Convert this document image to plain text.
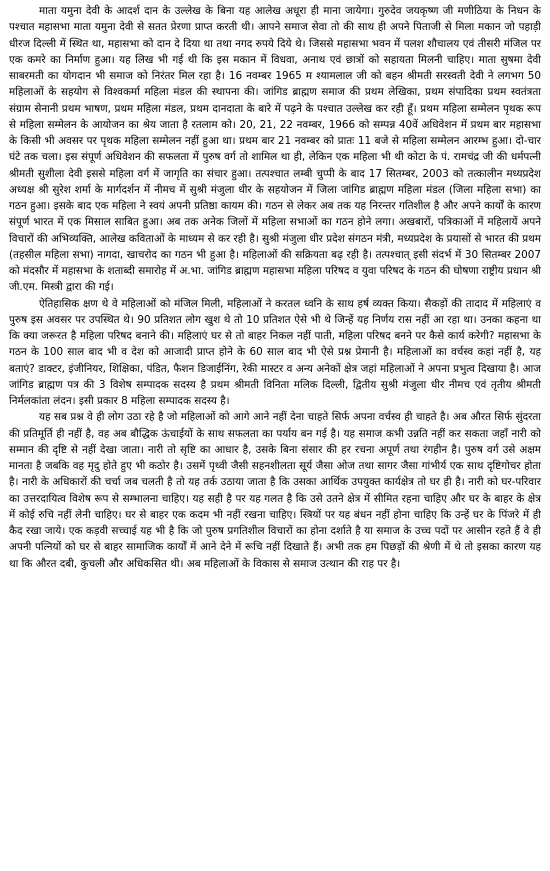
माता यमुना देवी के आदर्श दान के उल्लेख के बिना यह आलेख अधूरा ही माना जायेगा। गुरुदेव जयकृष्ण जी मणीठिया के निधन के पश्चात महासभा माता यमुना देवी से सतत प्रेरणा प्राप्त करती थी। आपने समाज सेवा तो की साथ ही अपने पिताजी से मिला मकान जो पहाड़ी धीरज दिल्ली में स्थित था, महासभा को दान दे दिया था तथा नगद रुपये दिये थे। जिससे महासभा भवन में पलश शौचालय एवं तीसरी मंजिल पर एक कमरे का निर्माण हुआ। यह लिख भी गई थी कि इस मकान में विधवा, अनाथ एवं छात्रों को सहायता मिलनी चाहिए। माता सुषमा देवी साबरमती का योगदान भी समाज को निरंतर मिल रहा है। 16 नवम्बर 1965 म श्यामलाल जी को बहन श्रीमती सरस्वती देवी ने लगभग 50 महिलाओं के सहयोग से विश्वकर्मा महिला मंडल की स्थापना की। जांगिड ब्राह्मण समाज की प्रथम लेखिका, प्रथम संपादिका प्रथम स्वतंत्रता संग्राम सेनानी प्रथम भाषण, प्रथम महिला मंडल, प्रथम दानदाता के बारे में पढ़ने के पश्चात उल्लेख कर रही हूँ। प्रथम महिला सम्मेलन पृथक रूप से महिला सम्मेलन के आयोजन का श्रेय जाता है रतलाम को। 20, 21, 22 नवम्बर, 1966 को सम्पन्न 40वें अधिवेशन में प्रथम बार महासभा के किसी भी अवसर पर पृथक महिला सम्मेलन नहीं हुआ था। प्रथम बार 21 नवम्बर को प्रातः 11 बजे से महिला सम्मेलन आरम्भ हुआ। दो-चार घंटे तक चला। इस संपूर्ण अधिवेशन की सफलता में पुरुष वर्ग तो शामिल था ही, लेकिन एक महिला भी थी कोटा के पं. रामचंद्र जी की धर्मपत्नी श्रीमती सुशीला देवी इससे महिला वर्ग में जागृति का संचार हुआ। तत्पश्चात लम्बी चुप्पी के बाद 17 सितम्बर, 2003 को तत्कालीन मध्यप्रदेश अध्यक्ष श्री सुरेश शर्मा के मार्गदर्शन में नीमच में सुश्री मंजुला धीर के सहयोजन में जिला जांगिड ब्राह्मण महिला मंडल (जिला महिला सभा) का गठन हुआ। इसके बाद एक महिला ने स्वयं अपनी प्रतिष्ठा कायम की। गठन से लेकर अब तक यह निरन्तर गतिशील है और अपने कार्यों के कारण संपूर्ण भारत में एक मिसाल साबित हुआ। अब तक अनेक जिलों में महिला सभाओं का गठन होने लगा। अखबारों, पत्रिकाओं में महिलायें अपने विचारों की अभिव्यक्ति, आलेख कविताओं के माध्यम से कर रही है। सुश्री मंजुला धीर प्रदेश संगठन मंत्री, मध्यप्रदेश के प्रयासों से भारत की प्रथम (तहसील महिला सभा) नागदा, खाचरोद का गठन भी हुआ है। महिलाओं की सक्रियता बढ़ रही है। तत्पश्चात् इसी संदर्भ में 30 सितम्बर 2007 को मंदसौर में महासभा के शताब्दी समारोह में अ.भा. जांगिड ब्राह्मण महासभा महिला परिषद व युवा परिषद के गठन की घोषणा राष्ट्रीय प्रधान श्री जी.एम. मिस्त्री द्वारा की गई।

ऐतिहासिक क्षण थे वे महिलाओं को मंजिल मिली, महिलाओं ने करतल ध्वनि के साथ हर्ष व्यक्त किया। सैकड़ों की तादाद में महिलाएं व पुरुष इस अवसर पर उपस्थित थे। 90 प्रतिशत लोग खुश थे तो 10 प्रतिशत ऐसे भी थे जिन्हें यह निर्णय रास नहीं आ रहा था। उनका कहना था कि क्या जरूरत है महिला परिषद बनाने की। महिलाएं घर से तो बाहर निकल नहीं पाती, महिला परिषद बनने पर कैसे कार्य करेगी? महासभा के गठन के 100 साल बाद भी व देश को आजादी प्राप्त होने के 60 साल बाद भी ऐसे प्रश्न प्रेमानी है। महिलाओं का वर्चस्व कहां नहीं है, यह बताएं? डाक्टर, इंजीनियर, शिक्षिका, पंडित, फैशन डिजाईनिंग, रेकी मास्टर व अन्य अनेकों क्षेत्र जहां महिलाओं ने अपना प्रभुत्व दिखाया है। आज जांगिड ब्राह्मण पत्र की 3 विशेष सम्पादक सदस्य है प्रथम श्रीमती विनिता मलिक दिल्ली, द्वितीय सुश्री मंजुला धीर नीमच एवं तृतीय श्रीमती निर्मलकांता लंदन। इसी प्रकार 8 महिला सम्पादक सदस्य है।

यह सब प्रश्न वे ही लोग उठा रहे है जो महिलाओं को आगे आने नहीं देना चाहते सिर्फ अपना वर्चस्व ही चाहते है। अब औरत सिर्फ सुंदरता की प्रतिमूर्ति ही नहीं है, वह अब बौद्धिक ऊंचाईयों के साथ सफलता का पर्याय बन गई है। यह समाज कभी उन्नति नहीं कर सकता जहाँ नारी को सम्मान की दृष्टि से नहीं देखा जाता। नारी तो सृष्टि का आधार है, उसके बिना संसार की हर रचना अपूर्ण तथा रंगहीन है। पुरुष वर्ग उसे अक्षम मानता है जबकि वह मृदु होते हुए भी कठोर है। उसमें पृथ्वी जैसी सहनशीलता सूर्य जैसा ओज तथा सागर जैसा गांभीर्य एक साथ दृष्टिगोचर होता है। नारी के अधिकारों की चर्चा जब चलती है तो यह तर्क उठाया जाता है कि उसका आर्थिक उपयुक्त कार्यक्षेत्र तो घर ही है। नारी को घर-परिवार का उत्तरदायित्व विशेष रूप से सम्भालना चाहिए। यह सही है पर यह गलत है कि उसे उतने क्षेत्र में सीमित रहना चाहिए और घर के बाहर के क्षेत्र में कोई रुचि नहीं लेनी चाहिए। घर से बाहर एक कदम भी नहीं रखना चाहिए। स्त्रियों पर यह बंधन नहीं होना चाहिए कि उन्हें घर के पिंजरे में ही कैद रखा जाये। एक कड़वी सच्चाई यह भी है कि जो पुरुष प्रगतिशील विचारों का होना दर्शाते है या समाज के उच्च पदों पर आसीन रहते हैं वे ही अपनी पत्नियों को घर से बाहर सामाजिक कार्यों में आने देने में रूचि नहीं दिखाते हैं। अभी तक हम पिछड़ों की श्रेणी में थे तो इसका कारण यह था कि औरत दबी, कुचली और अधिकसित थी। अब महिलाओं के विकास से समाज उत्थान की राह पर है।
